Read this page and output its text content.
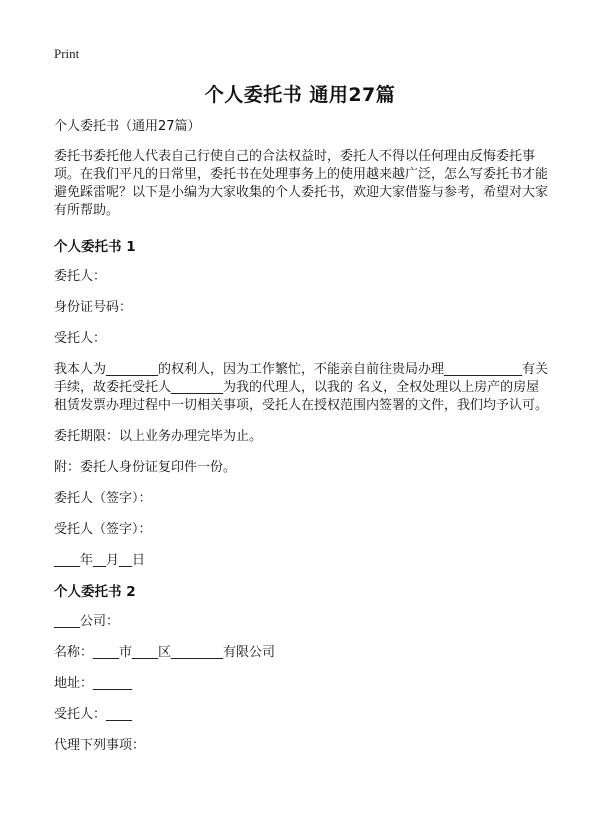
Print
个人委托书 通用27篇

个人委托书（通用27篇）

委托书委托他人代表自己行使自己的合法权益时，委托人不得以任何理由反悔委托事项。在我们平凡的日常里，委托书在处理事务上的使用越来越广泛，怎么写委托书才能避免踩雷呢？以下是小编为大家收集的个人委托书，欢迎大家借鉴与参考，希望对大家有所帮助。

个人委托书 1

委托人：

身份证号码：

受托人：

我本人为________的权利人，因为工作繁忙，不能亲自前往贵局办理____________有关手续，故委托受托人________为我的代理人，以我的 名义，全权处理以上房产的房屋租赁发票办理过程中一切相关事项，受托人在授权范围内签署的文件，我们均予认可。

委托期限：以上业务办理完毕为止。

附：委托人身份证复印件一份。

委托人（签字）：

受托人（签字）：

____年__月__日

个人委托书 2

____公司：

名称：____市____区________有限公司

地址：______

受托人：____

代理下列事项：
